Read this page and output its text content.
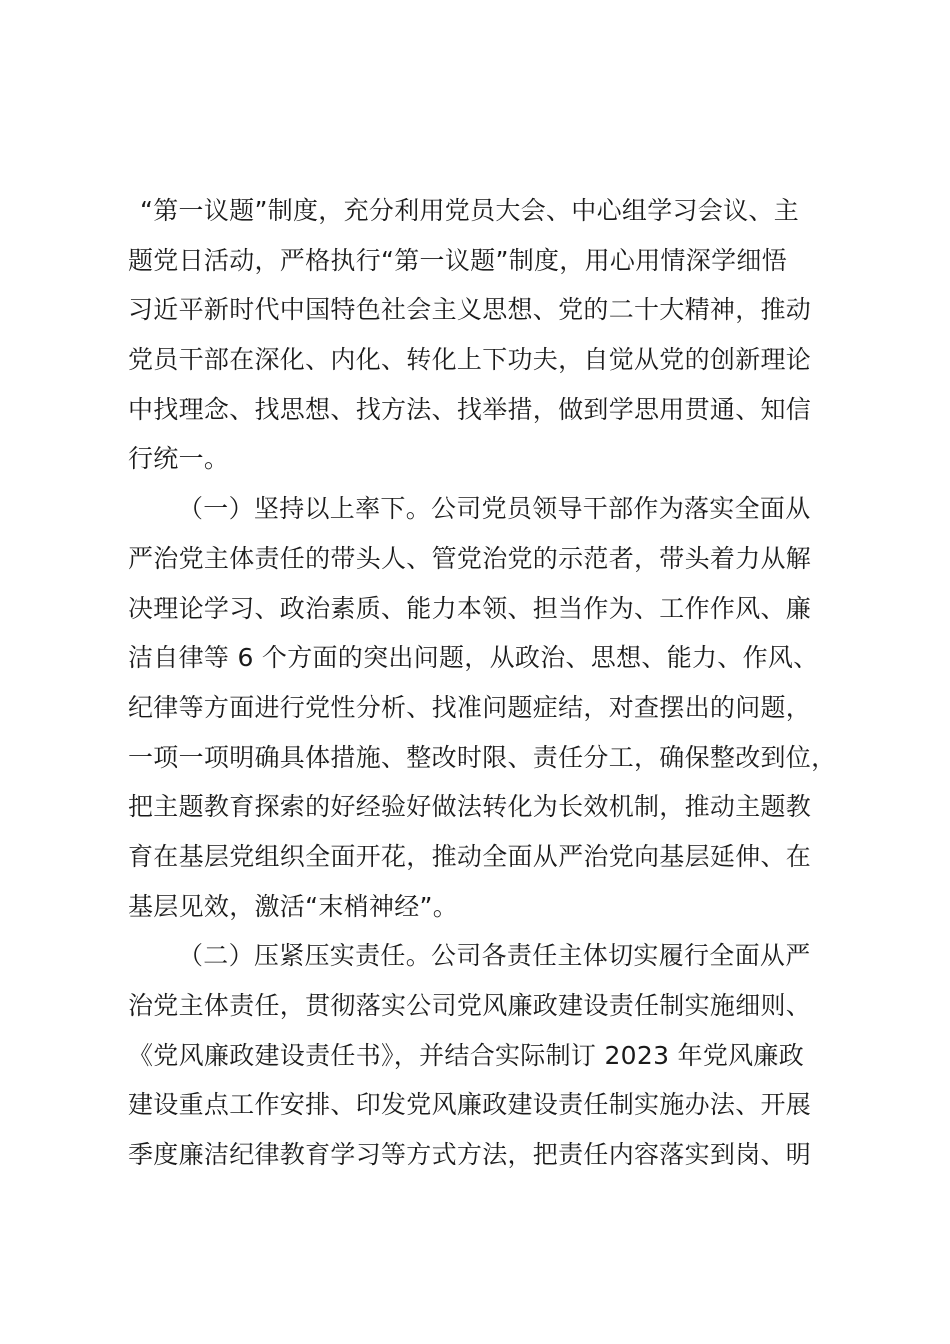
“第一议题”制度，充分利用党员大会、中心组学习会议、主
题党日活动，严格执行“第一议题”制度，用心用情深学细悟
习近平新时代中国特色社会主义思想、党的二十大精神，推动
党员干部在深化、内化、转化上下功夫，自觉从党的创新理论
中找理念、找思想、找方法、找举措，做到学思用贯通、知信
行统一。
（一）坚持以上率下。公司党员领导干部作为落实全面从
严治党主体责任的带头人、管党治党的示范者，带头着力从解
决理论学习、政治素质、能力本领、担当作为、工作作风、廉
洁自律等 6 个方面的突出问题，从政治、思想、能力、作风、
纪律等方面进行党性分析、找准问题症结，对查摆出的问题，
一项一项明确具体措施、整改时限、责任分工，确保整改到位，
把主题教育探索的好经验好做法转化为长效机制，推动主题教
育在基层党组织全面开花，推动全面从严治党向基层延伸、在
基层见效，激活“末梢神经”。
（二）压紧压实责任。公司各责任主体切实履行全面从严
治党主体责任，贯彻落实公司党风廉政建设责任制实施细则、
《党风廉政建设责任书》，并结合实际制订 2023 年党风廉政
建设重点工作安排、印发党风廉政建设责任制实施办法、开展
季度廉洁纪律教育学习等方式方法，把责任内容落实到岗、明
